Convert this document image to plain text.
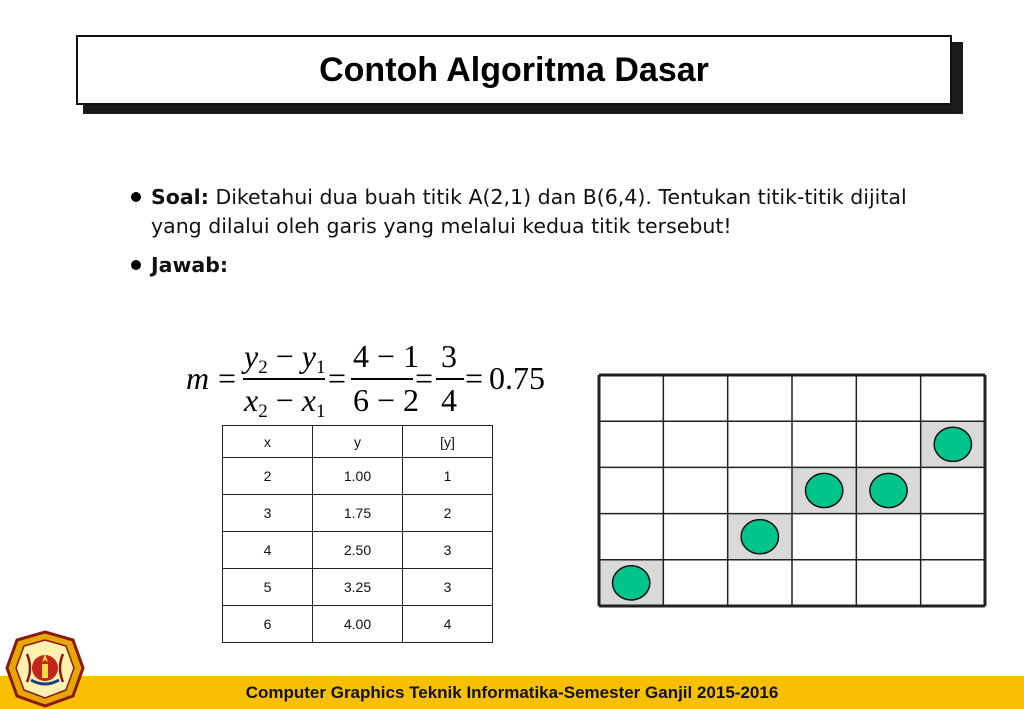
Contoh Algoritma Dasar
Soal: Diketahui dua buah titik A(2,1) dan B(6,4). Tentukan titik-titik dijital yang dilalui oleh garis yang melalui kedua titik tersebut!
Jawab:
m =
y2 − y1
x2 − x1
=
4 − 1
6 − 2
=
3
4
= 0.75
x	y	[y]
2	1.00	1
3	1.75	2
4	2.50	3
5	3.25	3
6	4.00	4
Computer Graphics Teknik Informatika-Semester Ganjil 2015-2016
